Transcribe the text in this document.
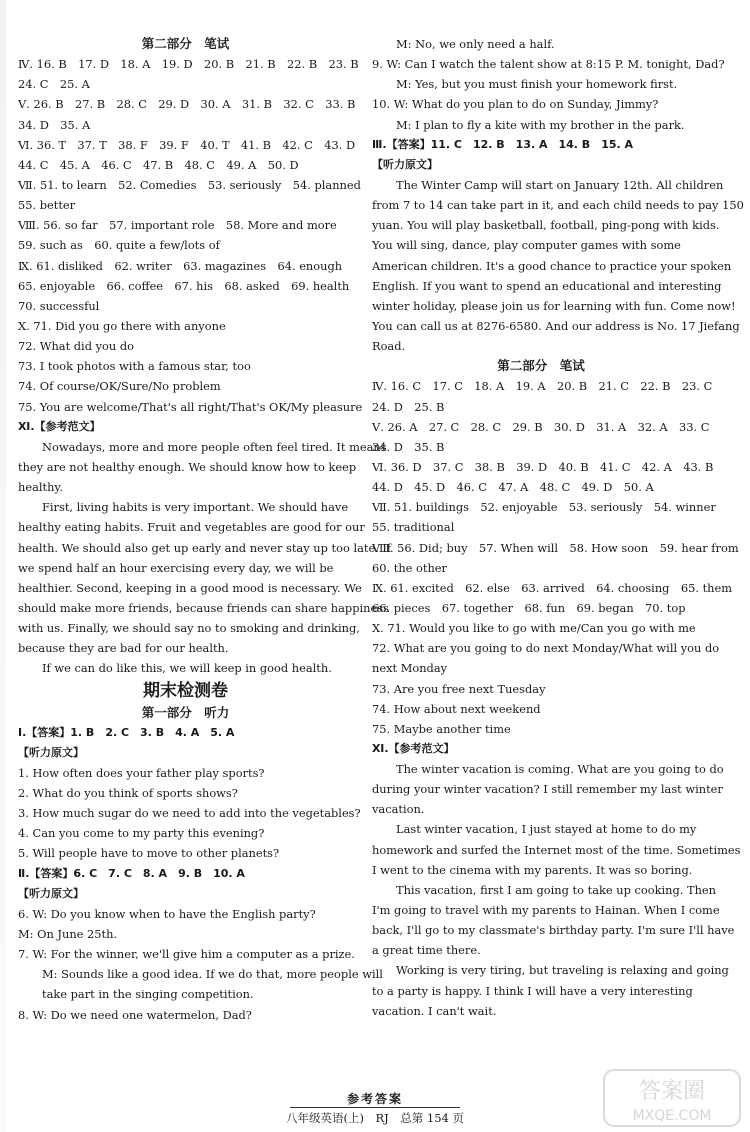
第二部分　笔试
Ⅳ. 16. B　17. D　18. A　19. D　20. B　21. B　22. B　23. B
24. C　25. A
Ⅴ. 26. B　27. B　28. C　29. D　30. A　31. B　32. C　33. B
34. D　35. A
Ⅵ. 36. T　37. T　38. F　39. F　40. T　41. B　42. C　43. D
44. C　45. A　46. C　47. B　48. C　49. A　50. D
Ⅶ. 51. to learn　52. Comedies　53. seriously　54. planned
55. better
Ⅷ. 56. so far　57. important role　58. More and more
59. such as　60. quite a few/lots of
Ⅸ. 61. disliked　62. writer　63. magazines　64. enough
65. enjoyable　66. coffee　67. his　68. asked　69. health
70. successful
Ⅹ. 71. Did you go there with anyone
72. What did you do
73. I took photos with a famous star, too
74. Of course/OK/Sure/No problem
75. You are welcome/That's all right/That's OK/My pleasure
Ⅺ.【参考范文】
Nowadays, more and more people often feel tired. It means
they are not healthy enough. We should know how to keep
healthy.
First, living habits is very important. We should have
healthy eating habits. Fruit and vegetables are good for our
health. We should also get up early and never stay up too late. If
we spend half an hour exercising every day, we will be
healthier. Second, keeping in a good mood is necessary. We
should make more friends, because friends can share happiness
with us. Finally, we should say no to smoking and drinking,
because they are bad for our health.
If we can do like this, we will keep in good health.
期末检测卷
第一部分　听力
Ⅰ.【答案】1. B　2. C　3. B　4. A　5. A
【听力原文】
1. How often does your father play sports?
2. What do you think of sports shows?
3. How much sugar do we need to add into the vegetables?
4. Can you come to my party this evening?
5. Will people have to move to other planets?
Ⅱ.【答案】6. C　7. C　8. A　9. B　10. A
【听力原文】
6. W: Do you know when to have the English party?
M: On June 25th.
7. W: For the winner, we'll give him a computer as a prize.
M: Sounds like a good idea. If we do that, more people will
take part in the singing competition.
8. W: Do we need one watermelon, Dad?
M: No, we only need a half.
9. W: Can I watch the talent show at 8:15 P. M. tonight, Dad?
M: Yes, but you must finish your homework first.
10. W: What do you plan to do on Sunday, Jimmy?
M: I plan to fly a kite with my brother in the park.
Ⅲ.【答案】11. C　12. B　13. A　14. B　15. A
【听力原文】
The Winter Camp will start on January 12th. All children
from 7 to 14 can take part in it, and each child needs to pay 150
yuan. You will play basketball, football, ping-pong with kids.
You will sing, dance, play computer games with some
American children. It's a good chance to practice your spoken
English. If you want to spend an educational and interesting
winter holiday, please join us for learning with fun. Come now!
You can call us at 8276-6580. And our address is No. 17 Jiefang
Road.
第二部分　笔试
Ⅳ. 16. C　17. C　18. A　19. A　20. B　21. C　22. B　23. C
24. D　25. B
Ⅴ. 26. A　27. C　28. C　29. B　30. D　31. A　32. A　33. C
34. D　35. B
Ⅵ. 36. D　37. C　38. B　39. D　40. B　41. C　42. A　43. B
44. D　45. D　46. C　47. A　48. C　49. D　50. A
Ⅶ. 51. buildings　52. enjoyable　53. seriously　54. winner
55. traditional
Ⅷ. 56. Did; buy　57. When will　58. How soon　59. hear from
60. the other
Ⅸ. 61. excited　62. else　63. arrived　64. choosing　65. them
66. pieces　67. together　68. fun　69. began　70. top
Ⅹ. 71. Would you like to go with me/Can you go with me
72. What are you going to do next Monday/What will you do
next Monday
73. Are you free next Tuesday
74. How about next weekend
75. Maybe another time
Ⅺ.【参考范文】
The winter vacation is coming. What are you going to do
during your winter vacation? I still remember my last winter
vacation.
Last winter vacation, I just stayed at home to do my
homework and surfed the Internet most of the time. Sometimes
I went to the cinema with my parents. It was so boring.
This vacation, first I am going to take up cooking. Then
I'm going to travel with my parents to Hainan. When I come
back, I'll go to my classmate's birthday party. I'm sure I'll have
a great time there.
Working is very tiring, but traveling is relaxing and going
to a party is happy. I think I will have a very interesting
vacation. I can't wait.
参考答案
八年级英语(上)　RJ　总第 154 页
答案圈
MXQE.COM
